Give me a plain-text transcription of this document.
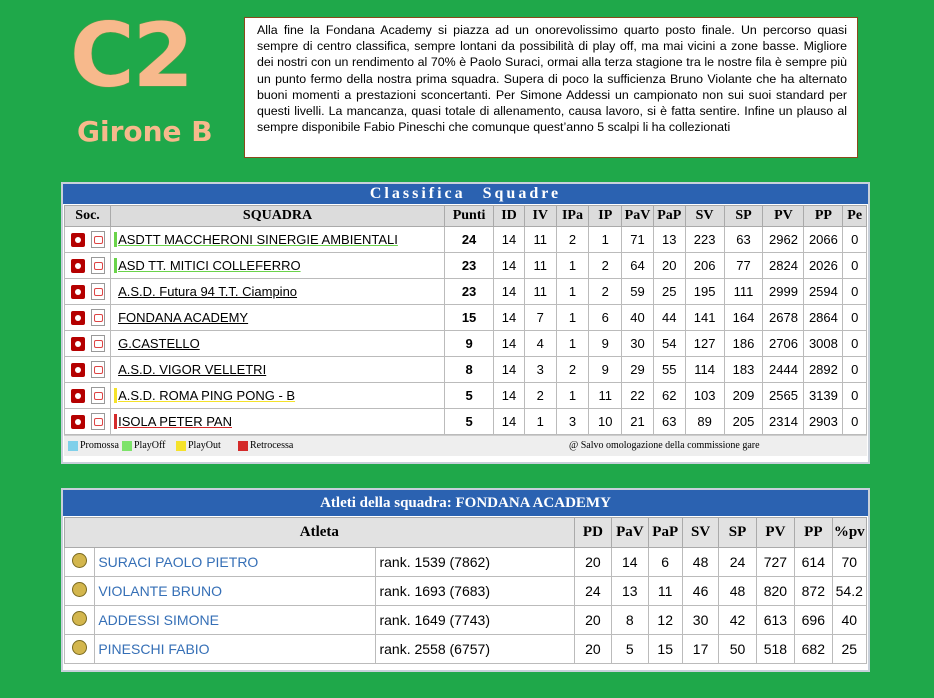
C2
Girone B
Alla fine la Fondana Academy si piazza ad un onorevolissimo quarto posto finale. Un percorso quasi sempre di centro classifica, sempre lontani da possibilità di play off, ma mai vicini a zone basse. Migliore dei nostri con un rendimento al 70% è Paolo Suraci, ormai alla terza stagione tra le nostre fila è sempre più un punto fermo della nostra prima squadra. Supera di poco la sufficienza Bruno Violante che ha alternato buoni momenti a prestazioni sconcertanti. Per Simone Addessi un campionato non sui suoi standard per questi livelli. La mancanza, quasi totale di allenamento, causa lavoro, si è fatta sentire. Infine un plauso al sempre disponibile Fabio Pineschi che comunque quest’anno 5 scalpi li ha collezionati
Classifica Squadre
Soc.	SQUADRA	Punti	ID	IV	IPa	IP	PaV	PaP	SV	SP	PV	PP	Pe
	ASDTT MACCHERONI SINERGIE AMBIENTALI	24	14	11	2	1	71	13	223	63	2962	2066	0
	ASD TT. MITICI COLLEFERRO	23	14	11	1	2	64	20	206	77	2824	2026	0
	A.S.D. Futura 94 T.T. Ciampino	23	14	11	1	2	59	25	195	111	2999	2594	0
	FONDANA ACADEMY	15	14	7	1	6	40	44	141	164	2678	2864	0
	G.CASTELLO	9	14	4	1	9	30	54	127	186	2706	3008	0
	A.S.D. VIGOR VELLETRI	8	14	3	2	9	29	55	114	183	2444	2892	0
	A.S.D. ROMA PING PONG - B	5	14	2	1	11	22	62	103	209	2565	3139	0
	ISOLA PETER PAN	5	14	1	3	10	21	63	89	205	2314	2903	0
@ Salvo omologazione della commissione gare
Promossa	PlayOff	PlayOut	Retrocessa
Atleti della squadra: FONDANA ACADEMY
Atleta			PD	PaV	PaP	SV	SP	PV	PP	%pv
	SURACI PAOLO PIETRO	rank. 1539 (7862)	20	14	6	48	24	727	614	70
	VIOLANTE BRUNO	rank. 1693 (7683)	24	13	11	46	48	820	872	54.2
	ADDESSI SIMONE	rank. 1649 (7743)	20	8	12	30	42	613	696	40
	PINESCHI FABIO	rank. 2558 (6757)	20	5	15	17	50	518	682	25
